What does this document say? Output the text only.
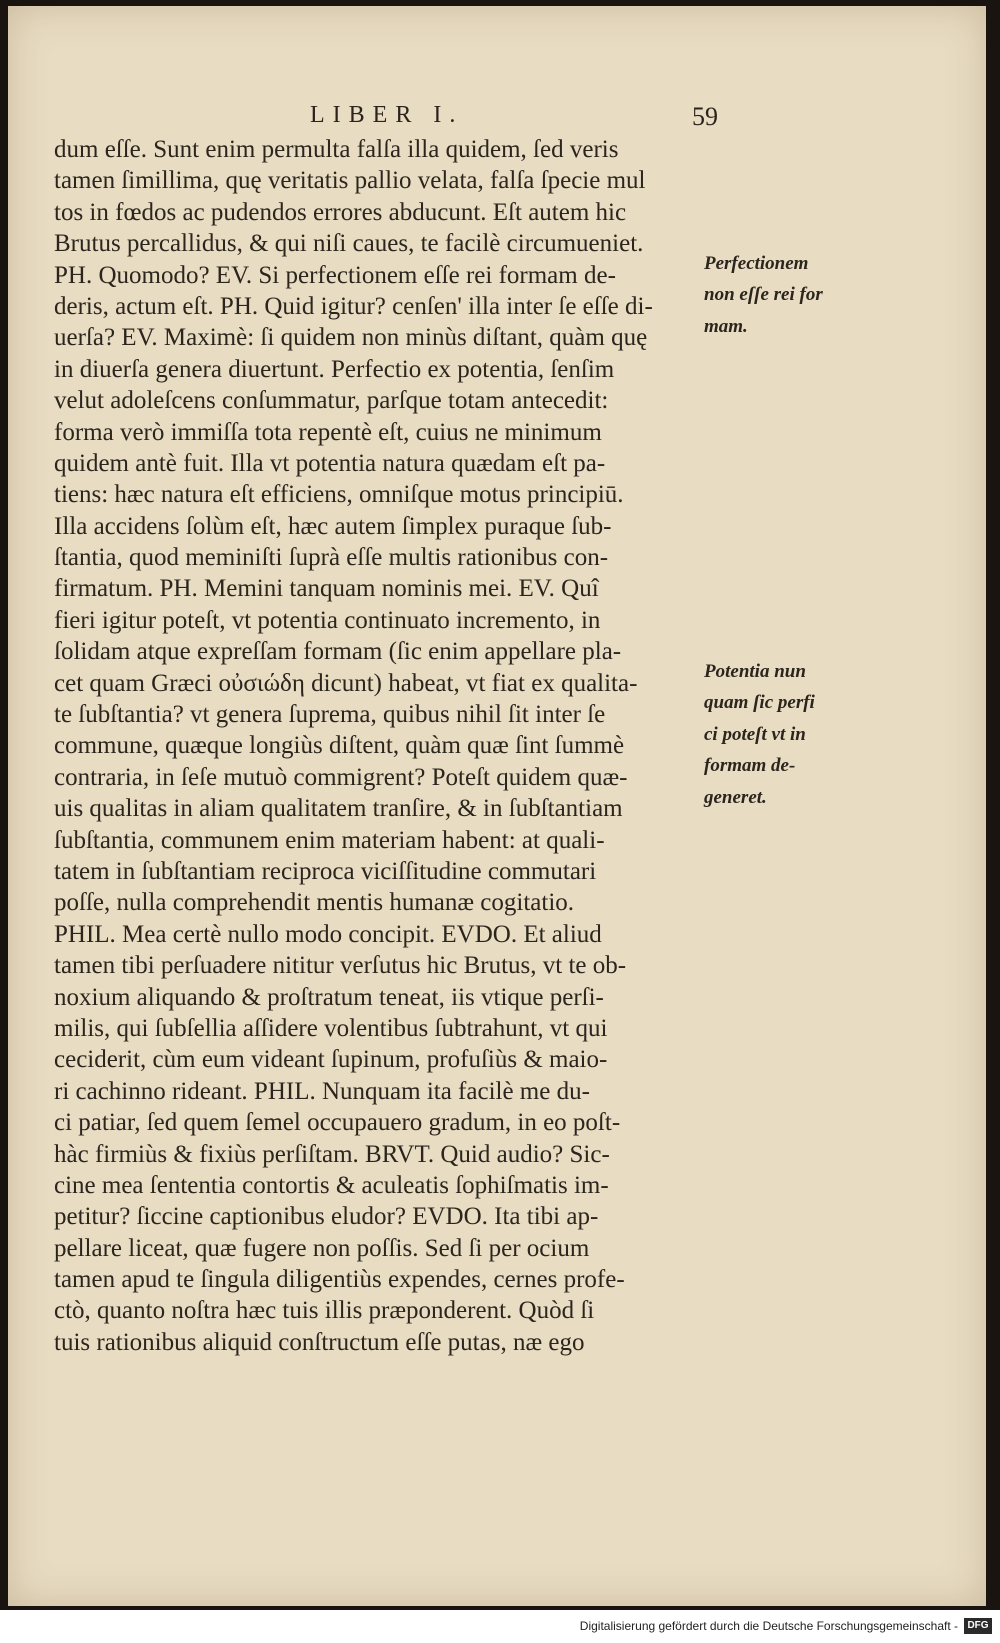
LIBER I.	59
dum eſſe. Sunt enim permulta falſa illa quidem, ſed veris
tamen ſimillima, quę veritatis pallio velata, falſa ſpecie mul
tos in fœdos ac pudendos errores abducunt. Eſt autem hic
Brutus percallidus, & qui niſi caues, te facilè circumueniet.
PH. Quomodo? EV. Si perfectionem eſſe rei formam de-
deris, actum eſt. PH. Quid igitur? cenſen' illa inter ſe eſſe di-
uerſa? EV. Maximè: ſi quidem non minùs diſtant, quàm quę
in diuerſa genera diuertunt. Perfectio ex potentia, ſenſim
velut adoleſcens conſummatur, parſque totam antecedit:
forma verò immiſſa tota repentè eſt, cuius ne minimum
quidem antè fuit. Illa vt potentia natura quædam eſt pa-
tiens: hæc natura eſt efficiens, omniſque motus principiū.
Illa accidens ſolùm eſt, hæc autem ſimplex puraque ſub-
ſtantia, quod meminiſti ſuprà eſſe multis rationibus con-
firmatum. PH. Memini tanquam nominis mei. EV. Quî
fieri igitur poteſt, vt potentia continuato incremento, in
ſolidam atque expreſſam formam (ſic enim appellare pla-
cet quam Græci οὐσιώδη dicunt) habeat, vt fiat ex qualita-
te ſubſtantia? vt genera ſuprema, quibus nihil ſit inter ſe
commune, quæque longiùs diſtent, quàm quæ ſint ſummè
contraria, in ſeſe mutuò commigrent? Poteſt quidem quæ-
uis qualitas in aliam qualitatem tranſire, & in ſubſtantiam
ſubſtantia, communem enim materiam habent: at quali-
tatem in ſubſtantiam reciproca viciſſitudine commutari
poſſe, nulla comprehendit mentis humanæ cogitatio.
PHIL. Mea certè nullo modo concipit. EVDO. Et aliud
tamen tibi perſuadere nititur verſutus hic Brutus, vt te ob-
noxium aliquando & proſtratum teneat, iis vtique perſi-
milis, qui ſubſellia aſſidere volentibus ſubtrahunt, vt qui
ceciderit, cùm eum videant ſupinum, profuſiùs & maio-
ri cachinno rideant. PHIL. Nunquam ita facilè me du-
ci patiar, ſed quem ſemel occupauero gradum, in eo poſt-
hàc firmiùs & fixiùs perſiſtam. BRVT. Quid audio? Sic-
cine mea ſententia contortis & aculeatis ſophiſmatis im-
petitur? ſiccine captionibus eludor? EVDO. Ita tibi ap-
pellare liceat, quæ fugere non poſſis. Sed ſi per ocium
tamen apud te ſingula diligentiùs expendes, cernes profe-
ctò, quanto noſtra hæc tuis illis præponderent. Quòd ſi
tuis rationibus aliquid conſtructum eſſe putas, næ ego
Perfectionem
non eſſe rei for
mam.
Potentia nun
quam ſic perfi
ci poteſt vt in
formam de-
generet.
Digitalisierung gefördert durch die Deutsche Forschungsgemeinschaft - DFG
